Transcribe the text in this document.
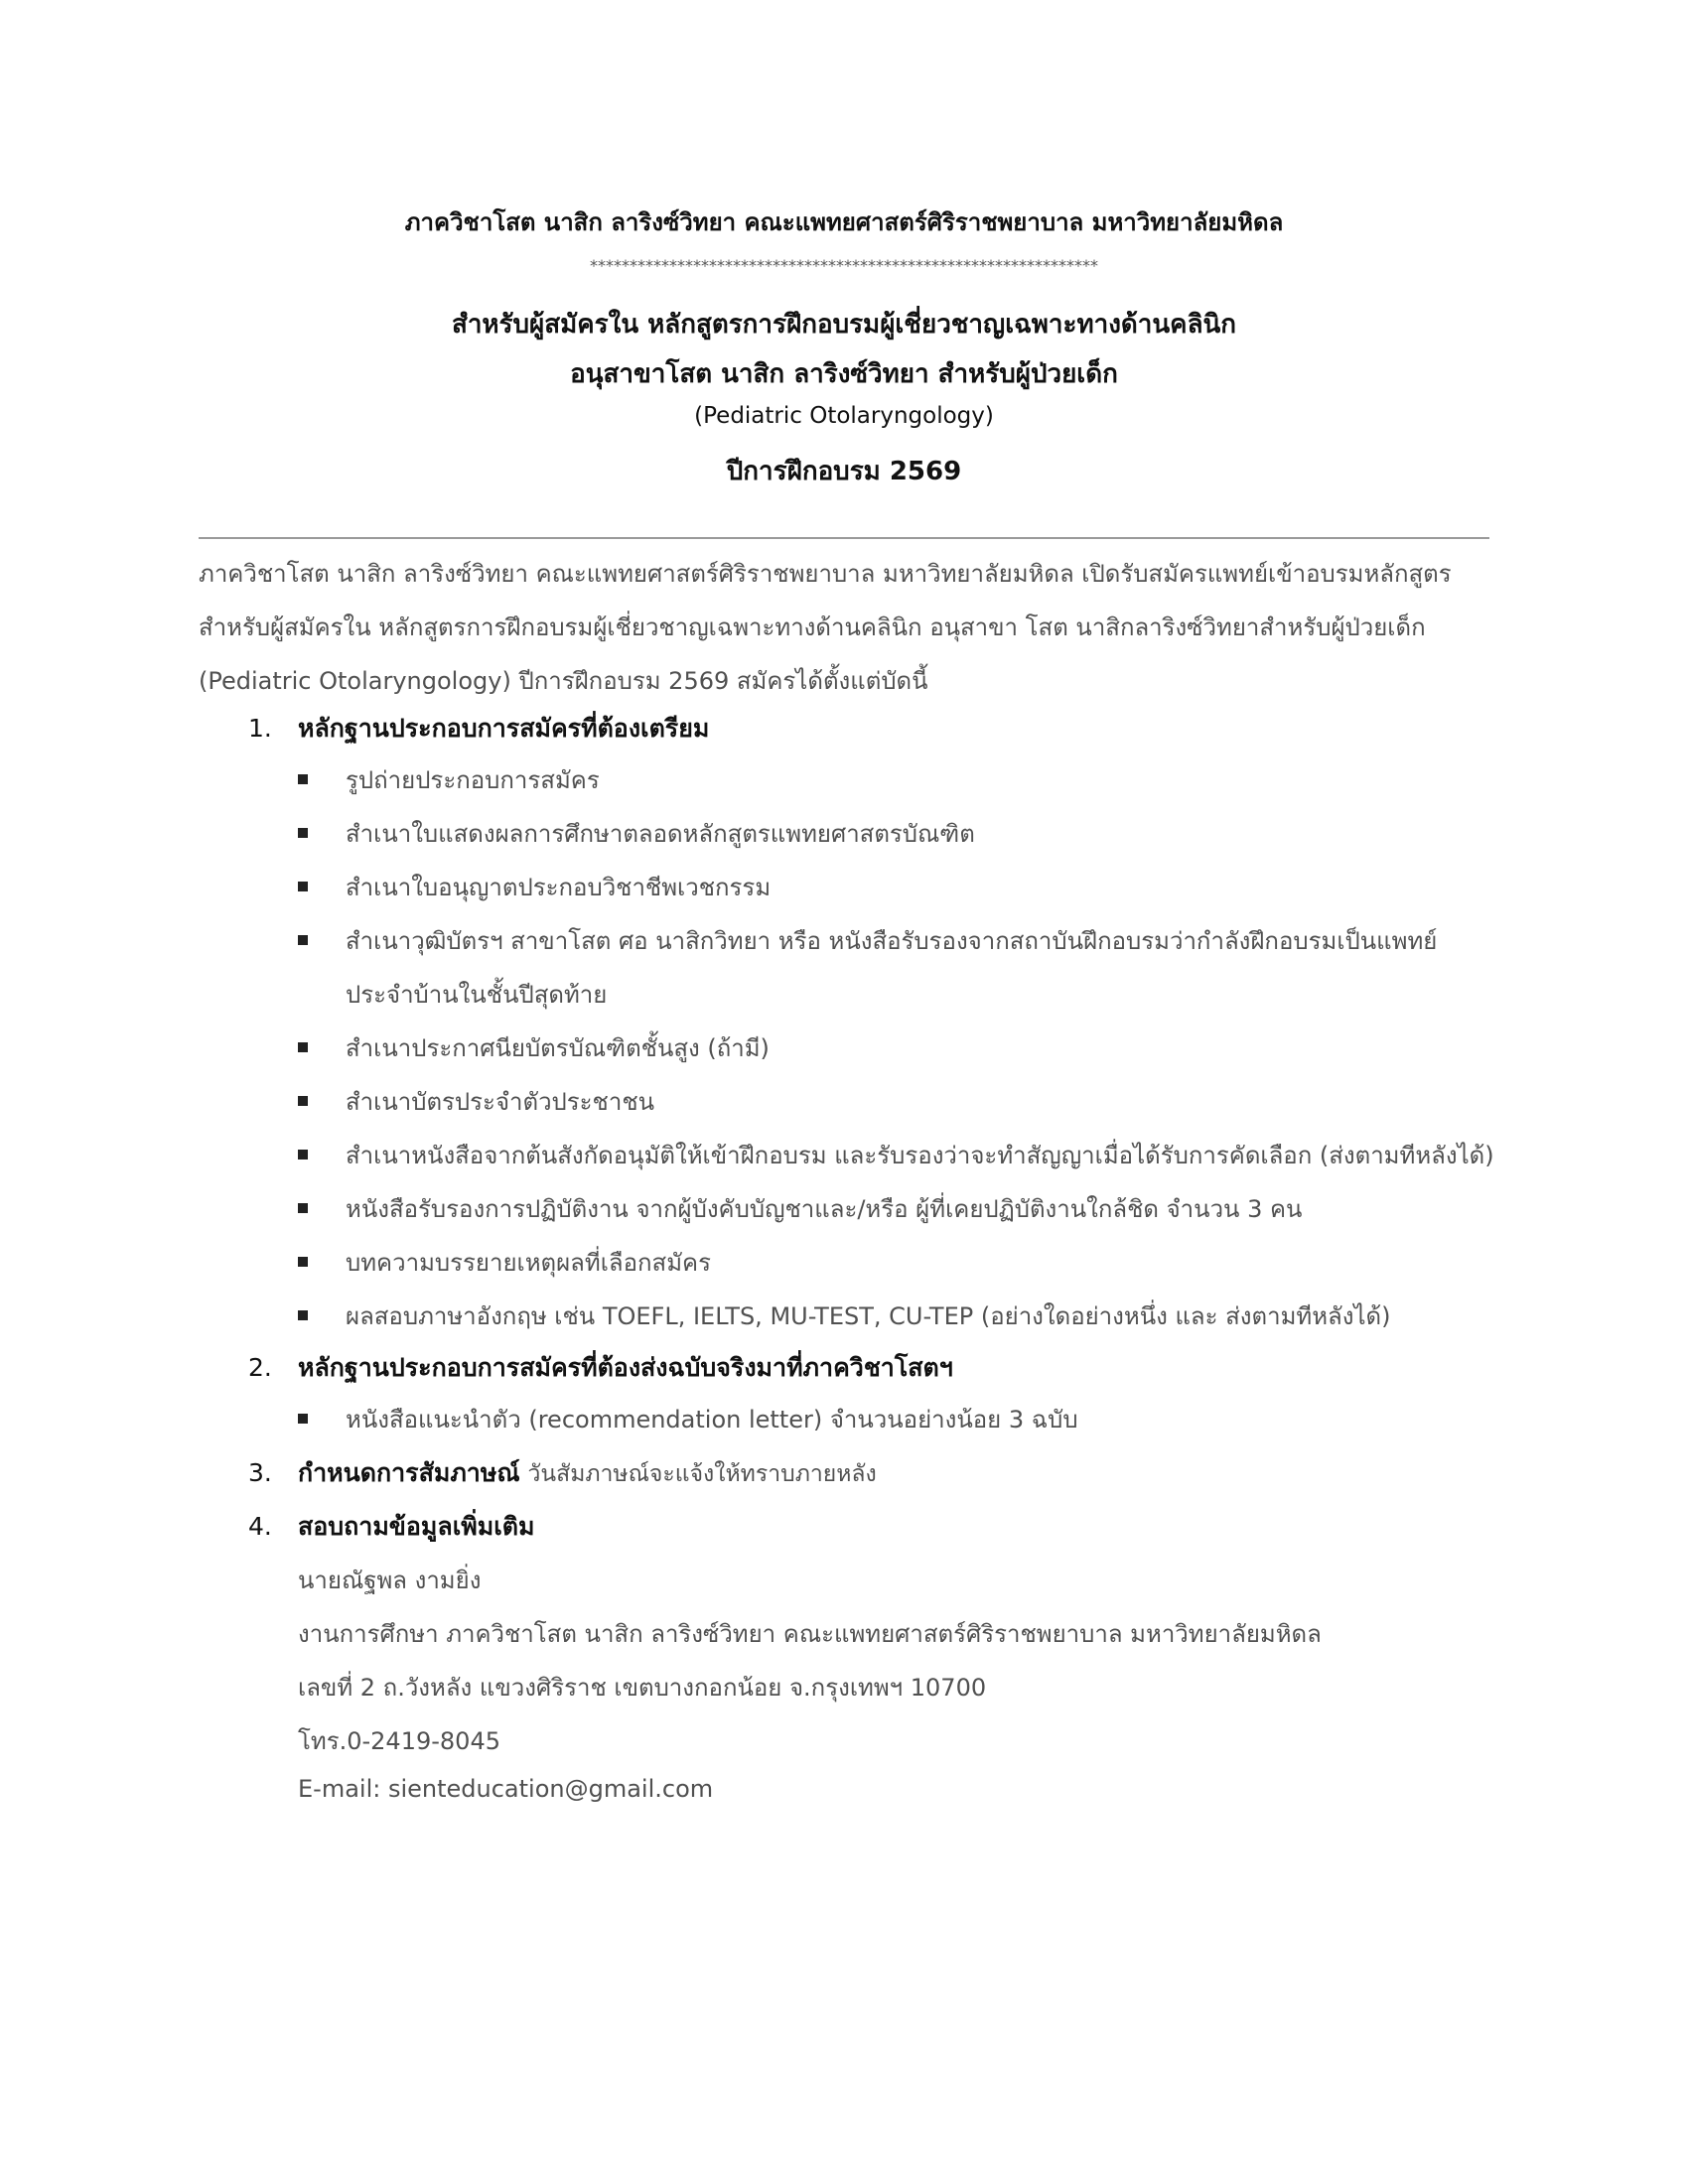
ภาควิชาโสต นาสิก ลาริงซ์วิทยา คณะแพทยศาสตร์ศิริราชพยาบาล มหาวิทยาลัยมหิดล
****************************************************************
สำหรับผู้สมัครใน หลักสูตรการฝึกอบรมผู้เชี่ยวชาญเฉพาะทางด้านคลินิก
อนุสาขาโสต นาสิก ลาริงซ์วิทยา สำหรับผู้ป่วยเด็ก
(Pediatric Otolaryngology)
ปีการฝึกอบรม 2569
ภาควิชาโสต นาสิก ลาริงซ์วิทยา คณะแพทยศาสตร์ศิริราชพยาบาล มหาวิทยาลัยมหิดล เปิดรับสมัครแพทย์เข้าอบรมหลักสูตร
สำหรับผู้สมัครใน หลักสูตรการฝึกอบรมผู้เชี่ยวชาญเฉพาะทางด้านคลินิก อนุสาขา โสต นาสิกลาริงซ์วิทยาสำหรับผู้ป่วยเด็ก
(Pediatric Otolaryngology) ปีการฝึกอบรม 2569 สมัครได้ตั้งแต่บัดนี้
1. หลักฐานประกอบการสมัครที่ต้องเตรียม
รูปถ่ายประกอบการสมัคร
สำเนาใบแสดงผลการศึกษาตลอดหลักสูตรแพทยศาสตรบัณฑิต
สำเนาใบอนุญาตประกอบวิชาชีพเวชกรรม
สำเนาวุฒิบัตรฯ สาขาโสต ศอ นาสิกวิทยา หรือ หนังสือรับรองจากสถาบันฝึกอบรมว่ากำลังฝึกอบรมเป็นแพทย์
ประจำบ้านในชั้นปีสุดท้าย
สำเนาประกาศนียบัตรบัณฑิตชั้นสูง (ถ้ามี)
สำเนาบัตรประจำตัวประชาชน
สำเนาหนังสือจากต้นสังกัดอนุมัติให้เข้าฝึกอบรม และรับรองว่าจะทำสัญญาเมื่อได้รับการคัดเลือก (ส่งตามทีหลังได้)
หนังสือรับรองการปฏิบัติงาน จากผู้บังคับบัญชาและ/หรือ ผู้ที่เคยปฏิบัติงานใกล้ชิด จำนวน 3 คน
บทความบรรยายเหตุผลที่เลือกสมัคร
ผลสอบภาษาอังกฤษ เช่น TOEFL, IELTS, MU-TEST, CU-TEP (อย่างใดอย่างหนึ่ง และ ส่งตามทีหลังได้)
2. หลักฐานประกอบการสมัครที่ต้องส่งฉบับจริงมาที่ภาควิชาโสตฯ
หนังสือแนะนำตัว (recommendation letter) จำนวนอย่างน้อย 3 ฉบับ
3. กำหนดการสัมภาษณ์ วันสัมภาษณ์จะแจ้งให้ทราบภายหลัง
4. สอบถามข้อมูลเพิ่มเติม
นายณัฐพล งามยิ่ง
งานการศึกษา ภาควิชาโสต นาสิก ลาริงซ์วิทยา คณะแพทยศาสตร์ศิริราชพยาบาล มหาวิทยาลัยมหิดล
เลขที่ 2 ถ.วังหลัง แขวงศิริราช เขตบางกอกน้อย จ.กรุงเทพฯ 10700
โทร.0-2419-8045
E-mail: sienteducation@gmail.com
